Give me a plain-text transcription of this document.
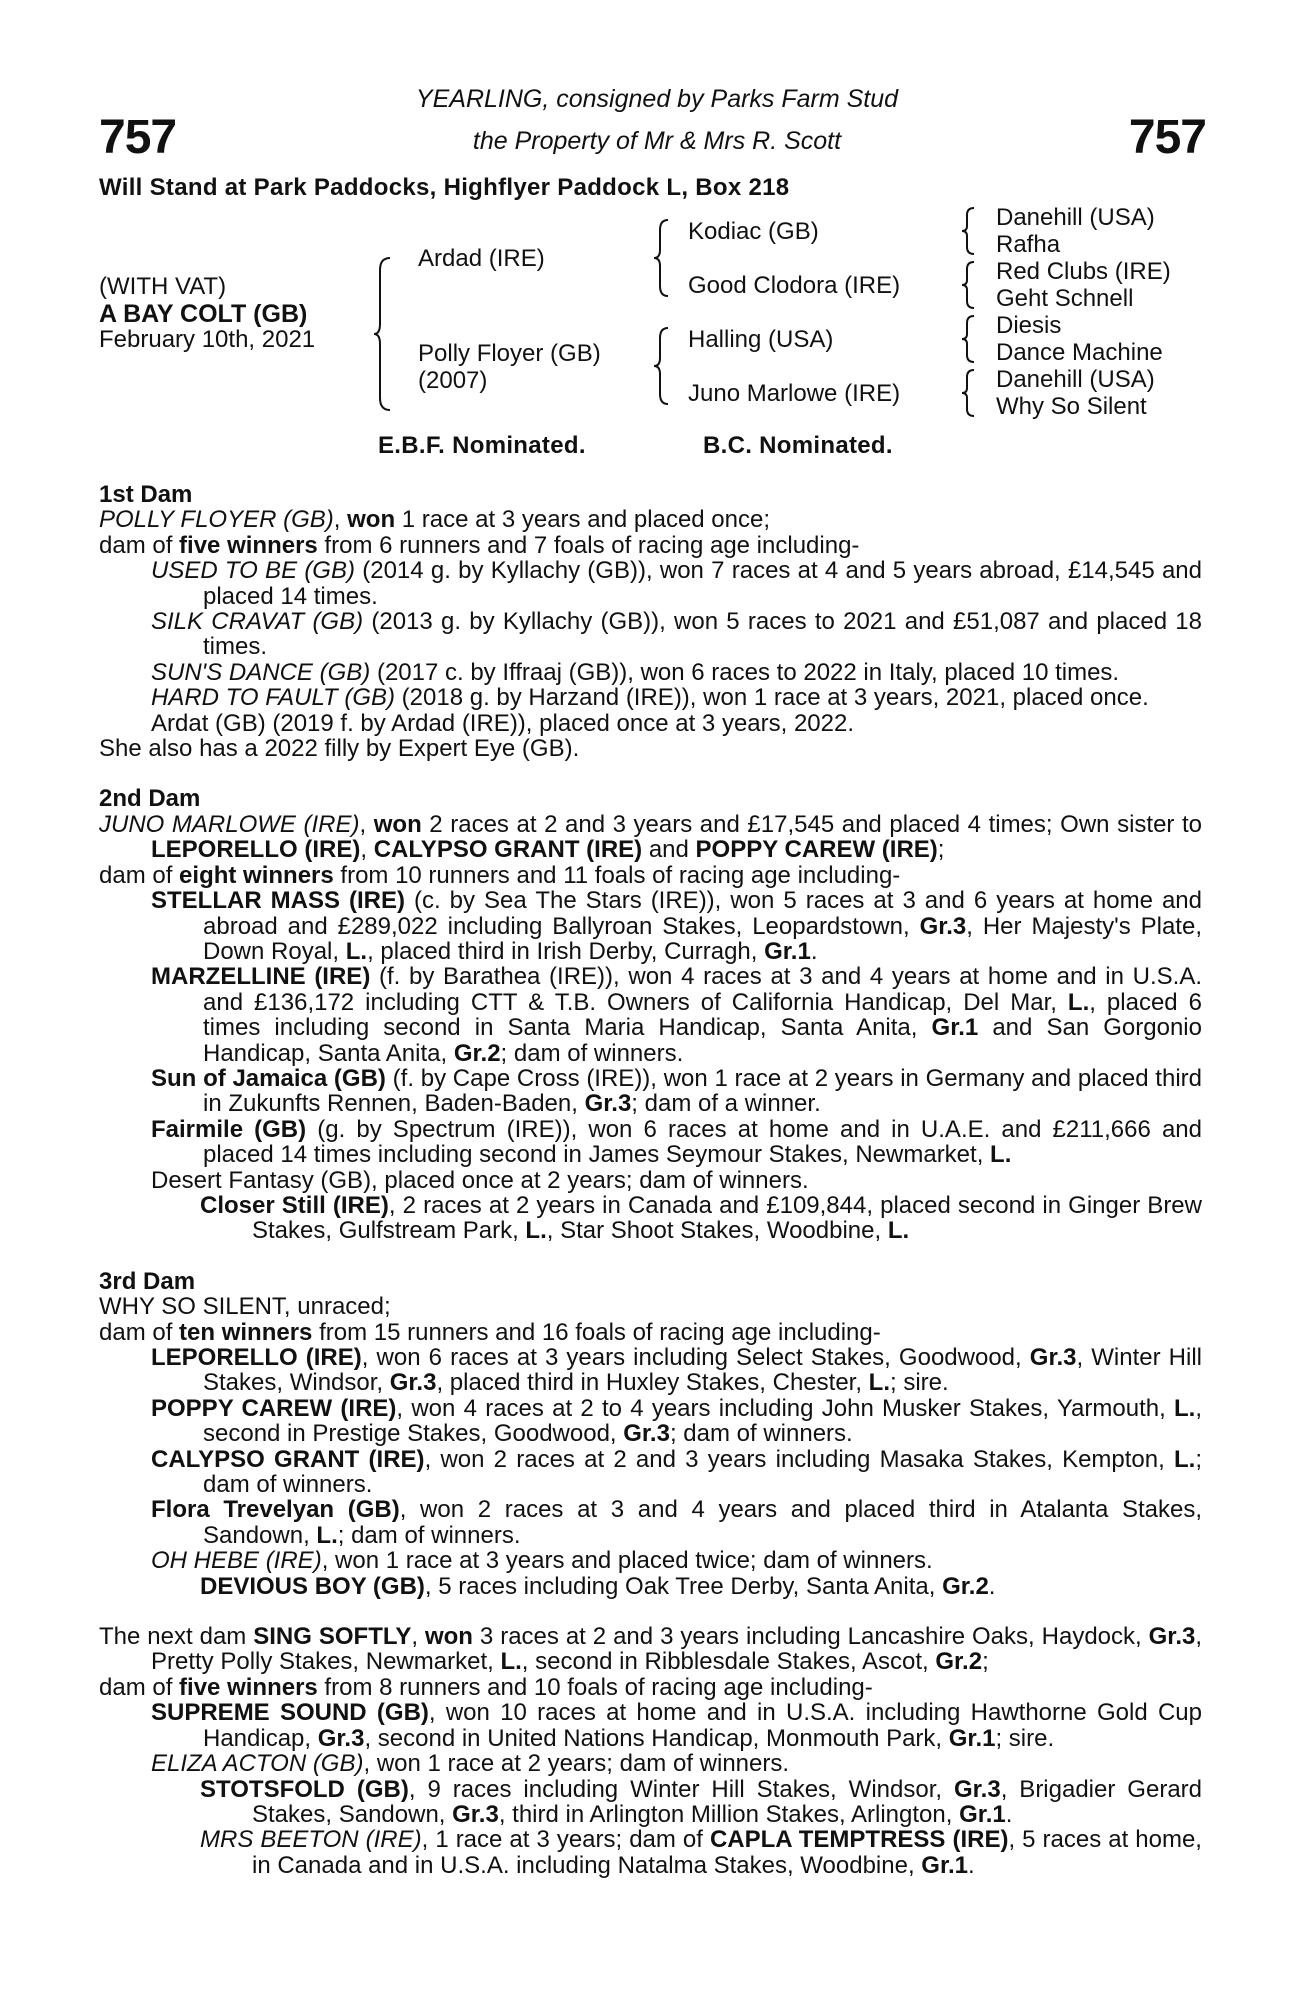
757	757
YEARLING, consigned by Parks Farm Stud
the Property of Mr & Mrs R. Scott
Will Stand at Park Paddocks, Highflyer Paddock L, Box 218
(WITH VAT)
A BAY COLT (GB)
February 10th, 2021
Ardad (IRE)
Polly Floyer (GB)
(2007)
Kodiac (GB)
Good Clodora (IRE)
Halling (USA)
Juno Marlowe (IRE)
Danehill (USA)
Rafha
Red Clubs (IRE)
Geht Schnell
Diesis
Dance Machine
Danehill (USA)
Why So Silent
E.B.F. Nominated.	B.C. Nominated.

1st Dam

POLLY FLOYER (GB), won 1 race at 3 years and placed once;

dam of five winners from 6 runners and 7 foals of racing age including-

USED TO BE (GB) (2014 g. by Kyllachy (GB)), won 7 races at 4 and 5 years abroad, £14,545 and placed 14 times.

SILK CRAVAT (GB) (2013 g. by Kyllachy (GB)), won 5 races to 2021 and £51,087 and placed 18 times.

SUN'S DANCE (GB) (2017 c. by Iffraaj (GB)), won 6 races to 2022 in Italy, placed 10 times.

HARD TO FAULT (GB) (2018 g. by Harzand (IRE)), won 1 race at 3 years, 2021, placed once.

Ardat (GB) (2019 f. by Ardad (IRE)), placed once at 3 years, 2022.

She also has a 2022 filly by Expert Eye (GB).

2nd Dam

JUNO MARLOWE (IRE), won 2 races at 2 and 3 years and £17,545 and placed 4 times; Own sister to LEPORELLO (IRE), CALYPSO GRANT (IRE) and POPPY CAREW (IRE);

dam of eight winners from 10 runners and 11 foals of racing age including-

STELLAR MASS (IRE) (c. by Sea The Stars (IRE)), won 5 races at 3 and 6 years at home and abroad and £289,022 including Ballyroan Stakes, Leopardstown, Gr.3, Her Majesty's Plate, Down Royal, L., placed third in Irish Derby, Curragh, Gr.1.

MARZELLINE (IRE) (f. by Barathea (IRE)), won 4 races at 3 and 4 years at home and in U.S.A. and £136,172 including CTT & T.B. Owners of California Handicap, Del Mar, L., placed 6 times including second in Santa Maria Handicap, Santa Anita, Gr.1 and San Gorgonio Handicap, Santa Anita, Gr.2; dam of winners.

Sun of Jamaica (GB) (f. by Cape Cross (IRE)), won 1 race at 2 years in Germany and placed third in Zukunfts Rennen, Baden-Baden, Gr.3; dam of a winner.

Fairmile (GB) (g. by Spectrum (IRE)), won 6 races at home and in U.A.E. and £211,666 and placed 14 times including second in James Seymour Stakes, Newmarket, L.

Desert Fantasy (GB), placed once at 2 years; dam of winners.

Closer Still (IRE), 2 races at 2 years in Canada and £109,844, placed second in Ginger Brew Stakes, Gulfstream Park, L., Star Shoot Stakes, Woodbine, L.

3rd Dam

WHY SO SILENT, unraced;

dam of ten winners from 15 runners and 16 foals of racing age including-

LEPORELLO (IRE), won 6 races at 3 years including Select Stakes, Goodwood, Gr.3, Winter Hill Stakes, Windsor, Gr.3, placed third in Huxley Stakes, Chester, L.; sire.

POPPY CAREW (IRE), won 4 races at 2 to 4 years including John Musker Stakes, Yarmouth, L., second in Prestige Stakes, Goodwood, Gr.3; dam of winners.

CALYPSO GRANT (IRE), won 2 races at 2 and 3 years including Masaka Stakes, Kempton, L.; dam of winners.

Flora Trevelyan (GB), won 2 races at 3 and 4 years and placed third in Atalanta Stakes, Sandown, L.; dam of winners.

OH HEBE (IRE), won 1 race at 3 years and placed twice; dam of winners.

DEVIOUS BOY (GB), 5 races including Oak Tree Derby, Santa Anita, Gr.2.

The next dam SING SOFTLY, won 3 races at 2 and 3 years including Lancashire Oaks, Haydock, Gr.3, Pretty Polly Stakes, Newmarket, L., second in Ribblesdale Stakes, Ascot, Gr.2;

dam of five winners from 8 runners and 10 foals of racing age including-

SUPREME SOUND (GB), won 10 races at home and in U.S.A. including Hawthorne Gold Cup Handicap, Gr.3, second in United Nations Handicap, Monmouth Park, Gr.1; sire.

ELIZA ACTON (GB), won 1 race at 2 years; dam of winners.

STOTSFOLD (GB), 9 races including Winter Hill Stakes, Windsor, Gr.3, Brigadier Gerard Stakes, Sandown, Gr.3, third in Arlington Million Stakes, Arlington, Gr.1.

MRS BEETON (IRE), 1 race at 3 years; dam of CAPLA TEMPTRESS (IRE), 5 races at home, in Canada and in U.S.A. including Natalma Stakes, Woodbine, Gr.1.
